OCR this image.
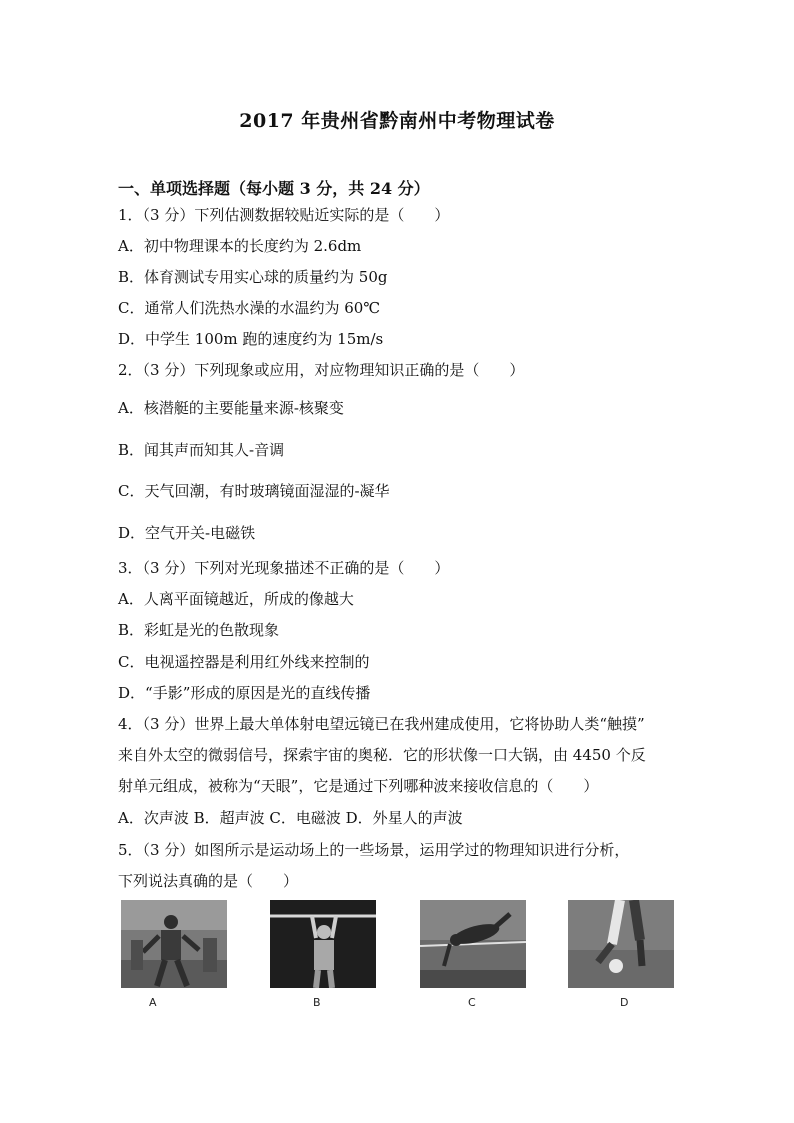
2017 年贵州省黔南州中考物理试卷
一、单项选择题（每小题 3 分，共 24 分）
1．（3 分）下列估测数据较贴近实际的是（　　）
A．初中物理课本的长度约为 2.6dm
B．体育测试专用实心球的质量约为 50g
C．通常人们洗热水澡的水温约为 60℃
D．中学生 100m 跑的速度约为 15m/s
2．（3 分）下列现象或应用，对应物理知识正确的是（　　）
A．核潜艇的主要能量来源-核聚变
B．闻其声而知其人-音调
C．天气回潮，有时玻璃镜面湿湿的-凝华
D．空气开关-电磁铁
3．（3 分）下列对光现象描述不正确的是（　　）
A．人离平面镜越近，所成的像越大
B．彩虹是光的色散现象
C．电视遥控器是利用红外线来控制的
D．“手影”形成的原因是光的直线传播
4．（3 分）世界上最大单体射电望远镜已在我州建成使用，它将协助人类“触摸”
来自外太空的微弱信号，探索宇宙的奥秘．它的形状像一口大锅，由 4450 个反
射单元组成，被称为“天眼”，它是通过下列哪种波来接收信息的（　　）
A．次声波 B．超声波 C．电磁波 D．外星人的声波
5．（3 分）如图所示是运动场上的一些场景，运用学过的物理知识进行分析，
下列说法真确的是（　　）
A	B	C	D
